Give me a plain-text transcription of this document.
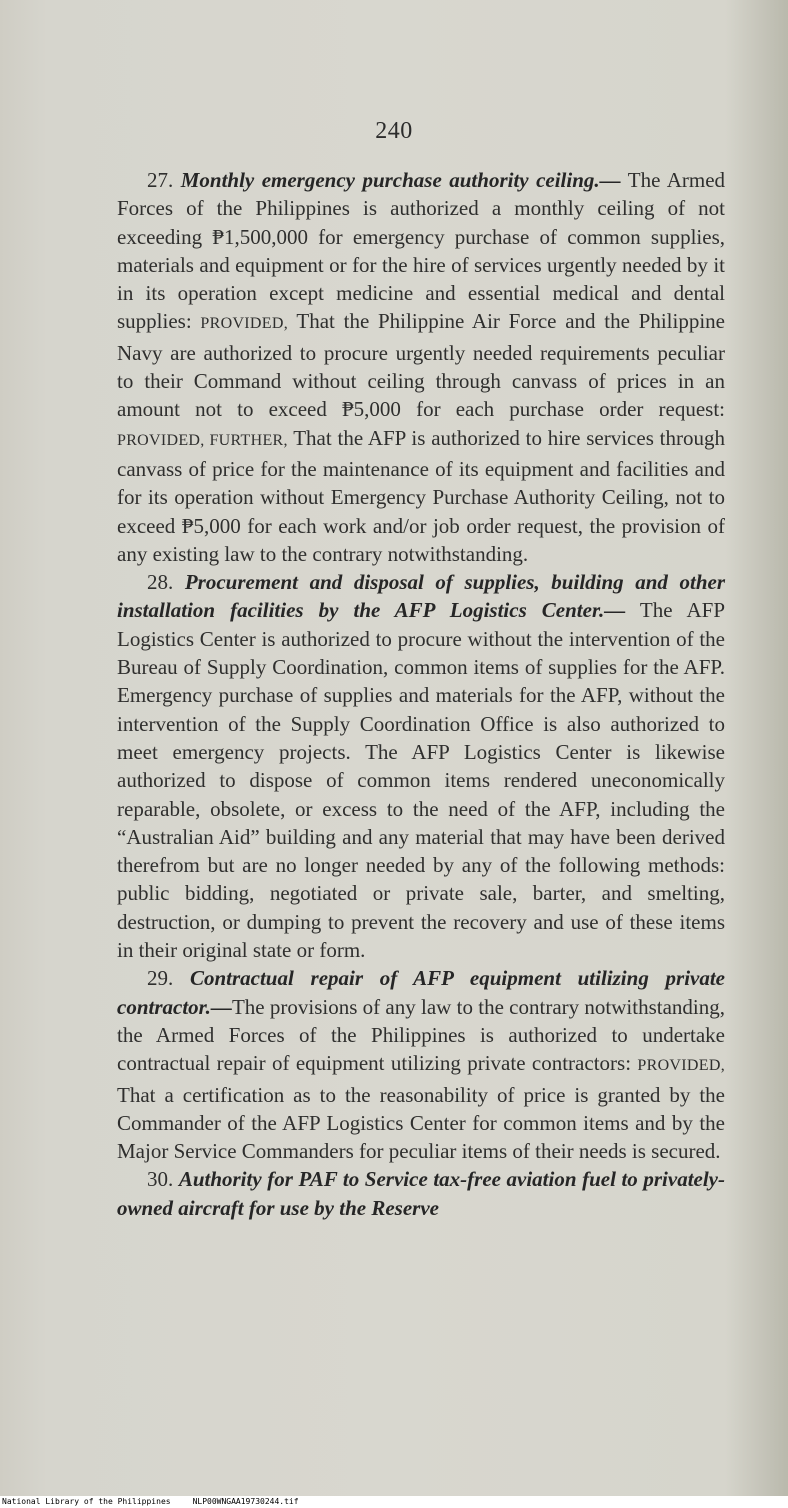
240

27. Monthly emergency purchase authority ceiling.— The Armed Forces of the Philippines is authorized a monthly ceiling of not exceeding ₱1,500,000 for emergency purchase of common supplies, materials and equipment or for the hire of services urgently needed by it in its operation except medicine and essential medical and dental supplies: PROVIDED, That the Philippine Air Force and the Philippine Navy are authorized to procure urgently needed requirements peculiar to their Command without ceiling through canvass of prices in an amount not to exceed ₱5,000 for each purchase order request: PROVIDED, FURTHER, That the AFP is authorized to hire services through canvass of price for the maintenance of its equipment and facilities and for its operation without Emergency Purchase Authority Ceiling, not to exceed ₱5,000 for each work and/or job order request, the provision of any existing law to the contrary notwithstanding.

28. Procurement and disposal of supplies, building and other installation facilities by the AFP Logistics Center.— The AFP Logistics Center is authorized to procure without the intervention of the Bureau of Supply Coordination, common items of supplies for the AFP. Emergency purchase of supplies and materials for the AFP, without the intervention of the Supply Coordination Office is also authorized to meet emergency projects. The AFP Logistics Center is likewise authorized to dispose of common items rendered uneconomically reparable, obsolete, or excess to the need of the AFP, including the “Australian Aid” building and any material that may have been derived therefrom but are no longer needed by any of the following methods: public bidding, negotiated or private sale, barter, and smelting, destruction, or dumping to prevent the recovery and use of these items in their original state or form.

29. Contractual repair of AFP equipment utilizing private contractor.—The provisions of any law to the contrary notwithstanding, the Armed Forces of the Philippines is authorized to undertake contractual repair of equipment utilizing private contractors: PROVIDED, That a certification as to the reasonability of price is granted by the Commander of the AFP Logistics Center for common items and by the Major Service Commanders for peculiar items of their needs is secured.

30. Authority for PAF to Service tax-free aviation fuel to privately-owned aircraft for use by the Reserve

National Library of the Philippines	NLP00WNGAA19730244.tif
